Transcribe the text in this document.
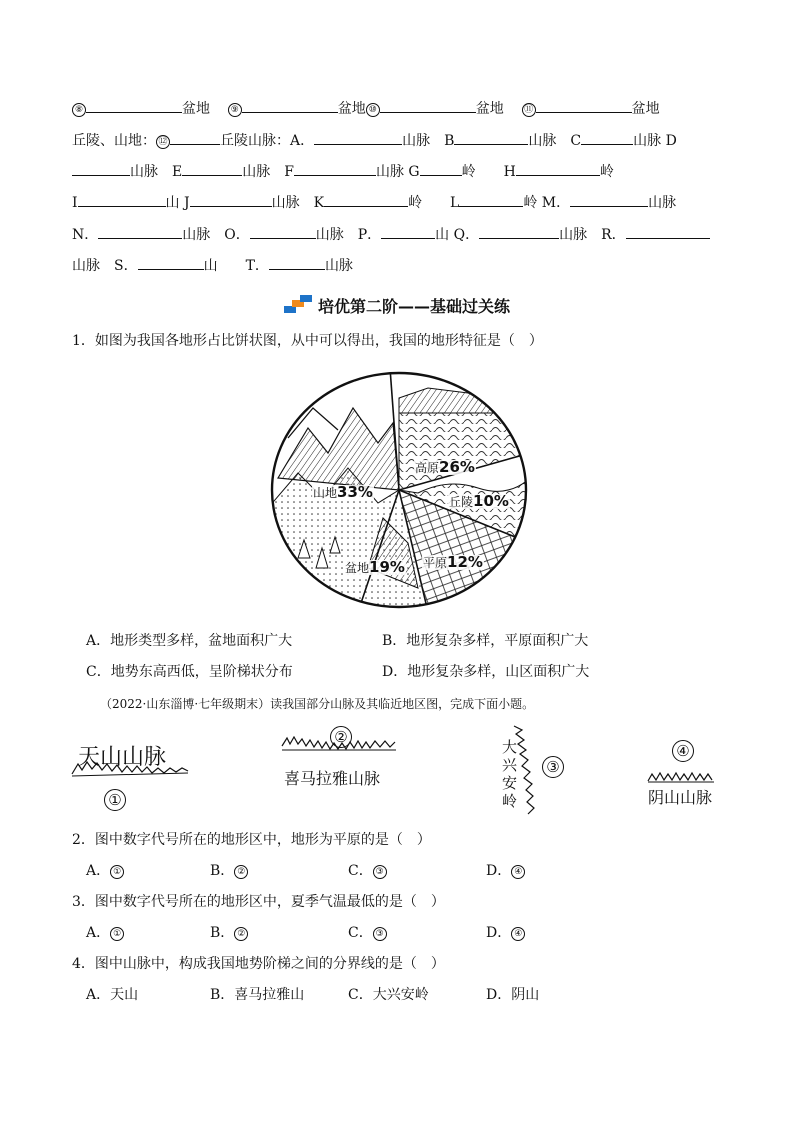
⑧	盆地 ⑨	盆地 ⑩	盆地 ⑪	盆地
丘陵、山地： ⑫	丘陵山脉：A．	山脉　B	山脉　C	山脉 D
山脉　E	山脉　F	山脉 G	岭　　H	岭
I	山 J	山脉　K	岭　　L	岭 M．	山脉
N．	山脉　O．	山脉　P．	山 Q．	山脉　R．
山脉　S．	山　　T．	山脉
培优第二阶——基础过关练
1．如图为我国各地形占比饼状图，从中可以得出，我国的地形特征是（　）
高原26%
丘陵10%
平原12%
盆地19%
山地33%
A．地形类型多样，盆地面积广大	B．地形复杂多样，平原面积广大
C．地势东高西低，呈阶梯状分布	D．地形复杂多样，山区面积广大
（2022·山东淄博·七年级期末）读我国部分山脉及其临近地区图，完成下面小题。
天山山脉
①
②
喜马拉雅山脉
大
兴
安
岭
③
④
阴山山脉
2．图中数字代号所在的地形区中，地形为平原的是（　）
A． ①	B． ②	C． ③	D． ④
3．图中数字代号所在的地形区中，夏季气温最低的是（　）
A． ①	B． ②	C． ③	D． ④
4．图中山脉中，构成我国地势阶梯之间的分界线的是（　）
A．天山	B．喜马拉雅山	C．大兴安岭	D．阴山
